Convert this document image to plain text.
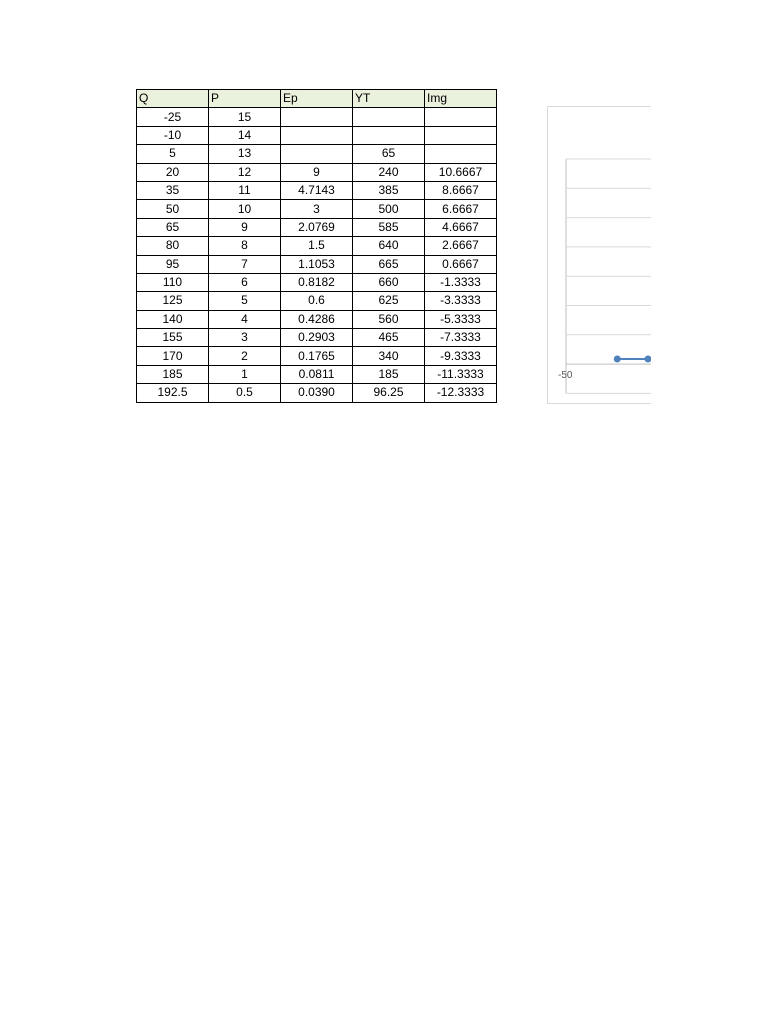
Q	P	Ep	YT	Img
-25	15			
-10	14			
5	13		65	
20	12	9	240	10.6667
35	11	4.7143	385	8.6667
50	10	3	500	6.6667
65	9	2.0769	585	4.6667
80	8	1.5	640	2.6667
95	7	1.1053	665	0.6667
110	6	0.8182	660	-1.3333
125	5	0.6	625	-3.3333
140	4	0.4286	560	-5.3333
155	3	0.2903	465	-7.3333
170	2	0.1765	340	-9.3333
185	1	0.0811	185	-11.3333
192.5	0.5	0.0390	96.25	-12.3333
-50
